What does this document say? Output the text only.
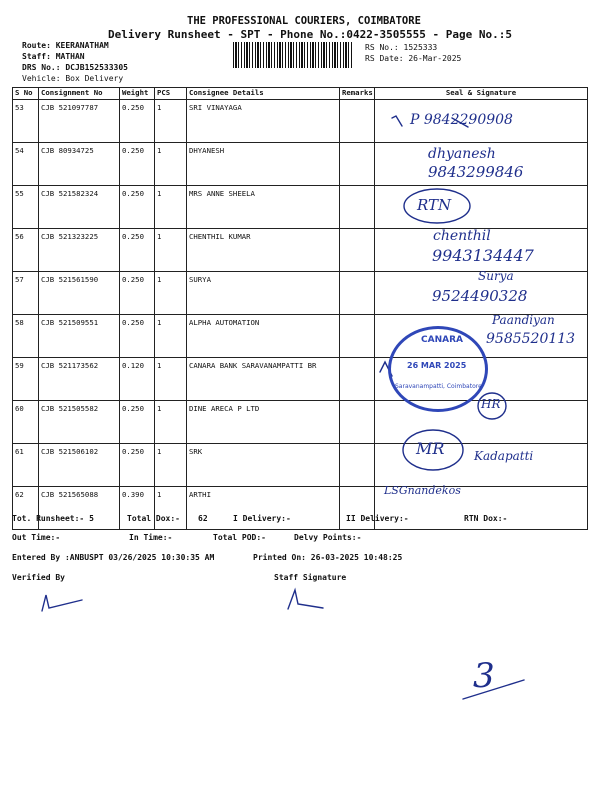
THE PROFESSIONAL COURIERS, COIMBATORE
Delivery Runsheet - SPT - Phone No.:0422-3505555 - Page No.:5
Route: KEERANATHAM
Staff: MATHAN
DRS No.: DCJB152533305
Vehicle: Box Delivery
RS No.: 1525333
RS Date: 26-Mar-2025
S No	Consignment No	Weight	PCS	Consignee Details	Remarks	Seal & Signature
53	CJB 521097787	0.250	1	SRI VINAYAGA		
54	CJB 80934725	0.250	1	DHYANESH		
55	CJB 521582324	0.250	1	MRS ANNE SHEELA		
56	CJB 521323225	0.250	1	CHENTHIL KUMAR		
57	CJB 521561590	0.250	1	SURYA		
58	CJB 521509551	0.250	1	ALPHA AUTOMATION		
59	CJB 521173562	0.120	1	CANARA BANK SARAVANAMPATTI BR		
60	CJB 521505582	0.250	1	DINE ARECA P LTD		
61	CJB 521506102	0.250	1	SRK		
62	CJB 521565088	0.390	1	ARTHI		
P 9842290908
dhyanesh
9843299846
RTN
chenthil
9943134447
Surya
9524490328
Paandiyan
9585520113
HR
MR Kadapatti
LSGnandekos
3
CANARA
26 MAR 2025
Saravanampatti, Coimbatore
Tot. Runsheet:- 5	Total Dox:- 62	I Delivery:-	II Delivery:-	RTN Dox:-
Out Time:-	In Time:-	Total POD:-	Delvy Points:-
Entered By :ANBUSPT 03/26/2025 10:30:35 AM	Printed On: 26-03-2025 10:48:25
Verified By	Staff Signature
